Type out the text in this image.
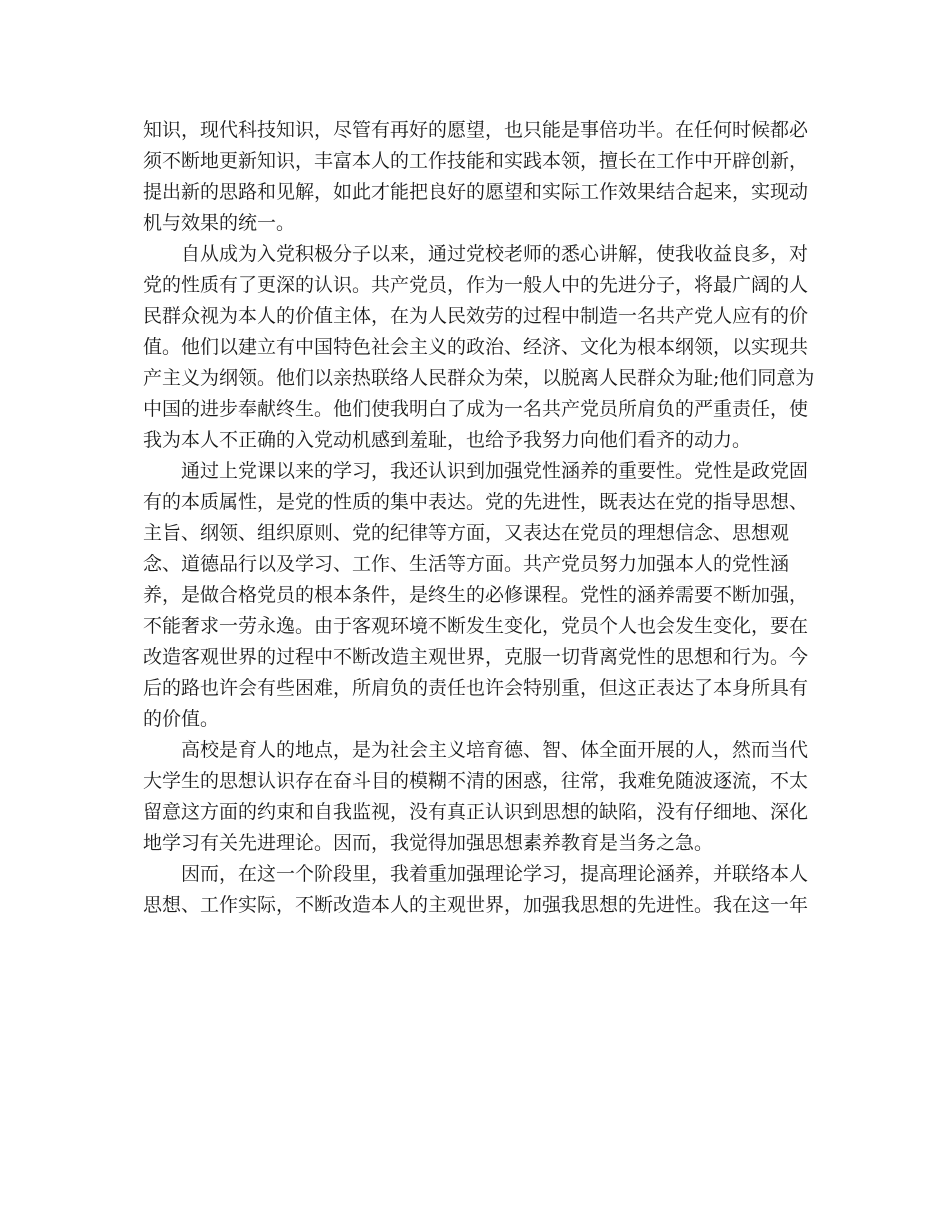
知识，现代科技知识，尽管有再好的愿望，也只能是事倍功半。在任何时候都必
须不断地更新知识，丰富本人的工作技能和实践本领，擅长在工作中开辟创新，
提出新的思路和见解，如此才能把良好的愿望和实际工作效果结合起来，实现动
机与效果的统一。
自从成为入党积极分子以来，通过党校老师的悉心讲解，使我收益良多，对
党的性质有了更深的认识。共产党员，作为一般人中的先进分子，将最广阔的人
民群众视为本人的价值主体，在为人民效劳的过程中制造一名共产党人应有的价
值。他们以建立有中国特色社会主义的政治、经济、文化为根本纲领，以实现共
产主义为纲领。他们以亲热联络人民群众为荣，以脱离人民群众为耻;他们同意为
中国的进步奉献终生。他们使我明白了成为一名共产党员所肩负的严重责任，使
我为本人不正确的入党动机感到羞耻，也给予我努力向他们看齐的动力。
通过上党课以来的学习，我还认识到加强党性涵养的重要性。党性是政党固
有的本质属性，是党的性质的集中表达。党的先进性，既表达在党的指导思想、
主旨、纲领、组织原则、党的纪律等方面，又表达在党员的理想信念、思想观
念、道德品行以及学习、工作、生活等方面。共产党员努力加强本人的党性涵
养，是做合格党员的根本条件，是终生的必修课程。党性的涵养需要不断加强，
不能奢求一劳永逸。由于客观环境不断发生变化，党员个人也会发生变化，要在
改造客观世界的过程中不断改造主观世界，克服一切背离党性的思想和行为。今
后的路也许会有些困难，所肩负的责任也许会特别重，但这正表达了本身所具有
的价值。
高校是育人的地点，是为社会主义培育德、智、体全面开展的人，然而当代
大学生的思想认识存在奋斗目的模糊不清的困惑，往常，我难免随波逐流，不太
留意这方面的约束和自我监视，没有真正认识到思想的缺陷，没有仔细地、深化
地学习有关先进理论。因而，我觉得加强思想素养教育是当务之急。
因而，在这一个阶段里，我着重加强理论学习，提高理论涵养，并联络本人
思想、工作实际，不断改造本人的主观世界，加强我思想的先进性。我在这一年
